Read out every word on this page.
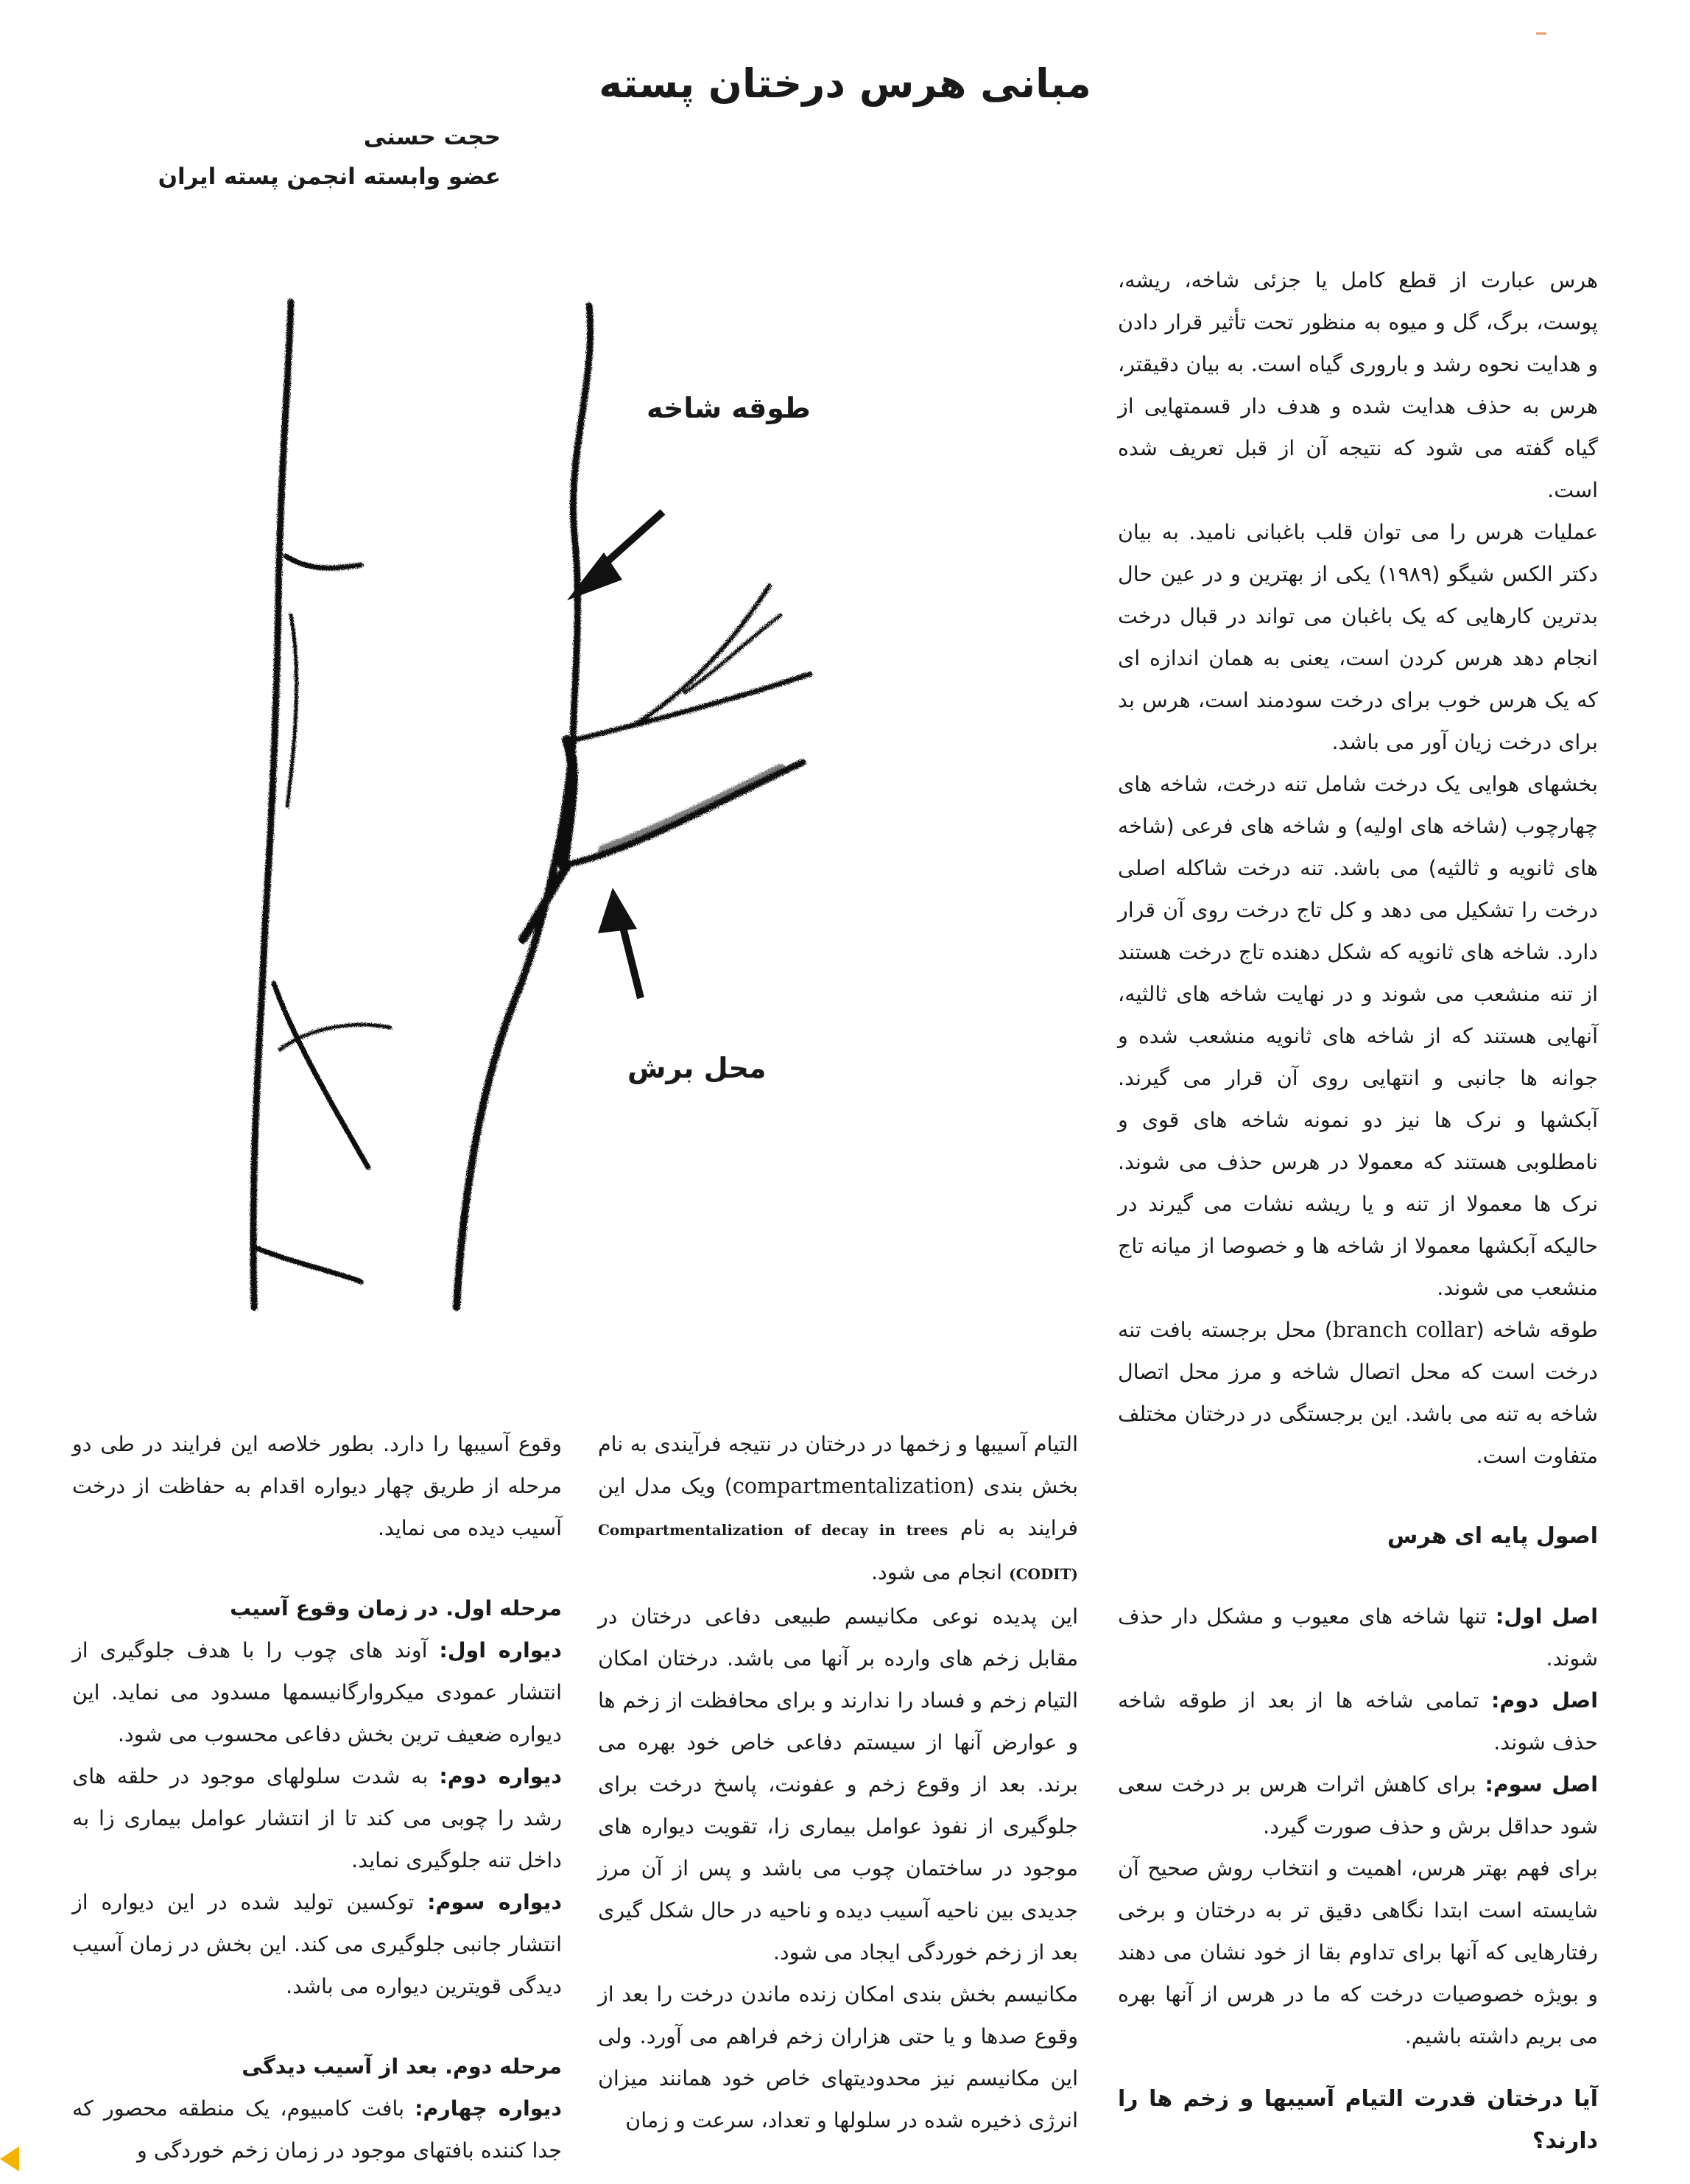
مبانی هرس درختان پسته
حجت حسنی
عضو وابسته انجمن پسته ایران
طوقه شاخه
محل برش

هرس عبارت از قطع کامل یا جزئی شاخه، ریشه، پوست، برگ، گل و میوه به منظور تحت تأثیر قرار دادن و هدایت نحوه رشد و باروری گیاه است. به بیان دقیقتر، هرس به حذف هدایت شده و هدف دار قسمتهایی از گیاه گفته می شود که نتیجه آن از قبل تعریف شده است.

عملیات هرس را می توان قلب باغبانی نامید. به بیان دکتر الکس شیگو (۱۹۸۹) یکی از بهترین و در عین حال بدترین کارهایی که یک باغبان می تواند در قبال درخت انجام دهد هرس کردن است، یعنی به همان اندازه ای که یک هرس خوب برای درخت سودمند است، هرس بد برای درخت زیان آور می باشد.

بخشهای هوایی یک درخت شامل تنه درخت، شاخه های چهارچوب (شاخه های اولیه) و شاخه های فرعی (شاخه های ثانویه و ثالثیه) می باشد. تنه درخت شاکله اصلی درخت را تشکیل می دهد و کل تاج درخت روی آن قرار دارد. شاخه های ثانویه که شکل دهنده تاج درخت هستند از تنه منشعب می شوند و در نهایت شاخه های ثالثیه، آنهایی هستند که از شاخه های ثانویه منشعب شده و جوانه ها جانبی و انتهایی روی آن قرار می گیرند. آبکشها و نرک ها نیز دو نمونه شاخه های قوی و نامطلوبی هستند که معمولا در هرس حذف می شوند. نرک ها معمولا از تنه و یا ریشه نشات می گیرند در حالیکه آبکشها معمولا از شاخه ها و خصوصا از میانه تاج منشعب می شوند.

طوقه شاخه (branch collar) محل برجسته بافت تنه درخت است که محل اتصال شاخه و مرز محل اتصال شاخه به تنه می باشد. این برجستگی در درختان مختلف متفاوت است.

اصول پایه ای هرس

اصل اول: تنها شاخه های معیوب و مشکل دار حذف شوند.

اصل دوم: تمامی شاخه ها از بعد از طوقه شاخه حذف شوند.

اصل سوم: برای کاهش اثرات هرس بر درخت سعی شود حداقل برش و حذف صورت گیرد.

برای فهم بهتر هرس، اهمیت و انتخاب روش صحیح آن شایسته است ابتدا نگاهی دقیق تر به درختان و برخی رفتارهایی که آنها برای تداوم بقا از خود نشان می دهند و بویژه خصوصیات درخت که ما در هرس از آنها بهره می بریم داشته باشیم.

آیا درختان قدرت التیام آسیبها و زخم ها را دارند؟

التیام آسیبها و زخمها در درختان در نتیجه فرآیندی به نام بخش بندی (compartmentalization) ویک مدل این فرایند به نام Compartmentalization of decay in trees (CODIT) انجام می شود.

این پدیده نوعی مکانیسم طبیعی دفاعی درختان در مقابل زخم های وارده بر آنها می باشد. درختان امکان التیام زخم و فساد را ندارند و برای محافظت از زخم ها و عوارض آنها از سیستم دفاعی خاص خود بهره می برند. بعد از وقوع زخم و عفونت، پاسخ درخت برای جلوگیری از نفوذ عوامل بیماری زا، تقویت دیواره های موجود در ساختمان چوب می باشد و پس از آن مرز جدیدی بین ناحیه آسیب دیده و ناحیه در حال شکل گیری بعد از زخم خوردگی ایجاد می شود.

مکانیسم بخش بندی امکان زنده ماندن درخت را بعد از وقوع صدها و یا حتی هزاران زخم فراهم می آورد. ولی این مکانیسم نیز محدودیتهای خاص خود همانند میزان انرژی ذخیره شده در سلولها و تعداد، سرعت و زمان

وقوع آسیبها را دارد. بطور خلاصه این فرایند در طی دو مرحله از طریق چهار دیواره اقدام به حفاظت از درخت آسیب دیده می نماید.

مرحله اول. در زمان وقوع آسیب

دیواره اول: آوند های چوب را با هدف جلوگیری از انتشار عمودی میکروارگانیسمها مسدود می نماید. این دیواره ضعیف ترین بخش دفاعی محسوب می شود.

دیواره دوم: به شدت سلولهای موجود در حلقه های رشد را چوبی می کند تا از انتشار عوامل بیماری زا به داخل تنه جلوگیری نماید.

دیواره سوم: توکسین تولید شده در این دیواره از انتشار جانبی جلوگیری می کند. این بخش در زمان آسیب دیدگی قویترین دیواره می باشد.

مرحله دوم. بعد از آسیب دیدگی

دیواره چهارم: بافت کامبیوم، یک منطقه محصور که جدا کننده بافتهای موجود در زمان زخم خوردگی و
